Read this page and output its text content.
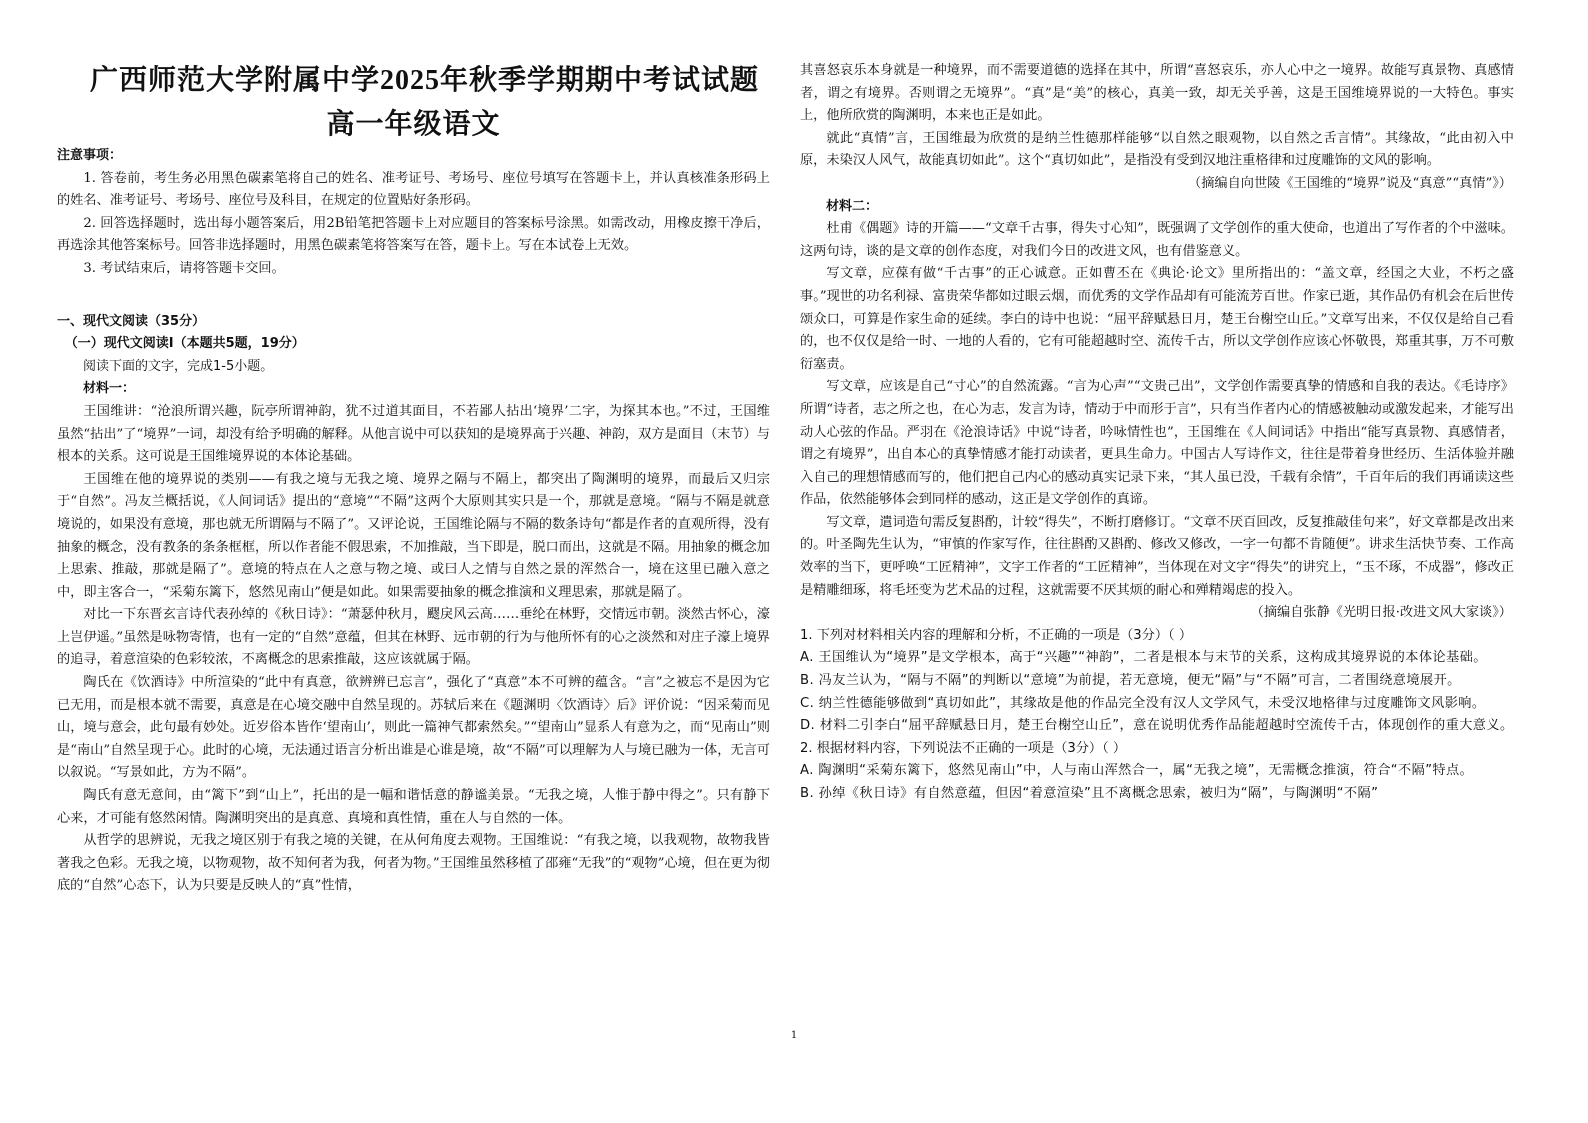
广西师范大学附属中学2025年秋季学期期中考试试题
高一年级语文

注意事项：

1. 答卷前，考生务必用黑色碳素笔将自己的姓名、准考证号、考场号、座位号填写在答题卡上，并认真核准条形码上的姓名、准考证号、考场号、座位号及科目，在规定的位置贴好条形码。

2. 回答选择题时，选出每小题答案后，用2B铅笔把答题卡上对应题目的答案标号涂黑。如需改动，用橡皮擦干净后，再选涂其他答案标号。回答非选择题时，用黑色碳素笔将答案写在答，题卡上。写在本试卷上无效。

3. 考试结束后，请将答题卡交回。

一、现代文阅读（35分）

（一）现代文阅读Ⅰ（本题共5题，19分）

阅读下面的文字，完成1-5小题。

材料一：

王国维讲：“沧浪所谓兴趣，阮亭所谓神韵，犹不过道其面目，不若鄙人拈出‘境界’二字，为探其本也。”不过，王国维虽然“拈出”了“境界”一词，却没有给予明确的解释。从他言说中可以获知的是境界高于兴趣、神韵，双方是面目（末节）与根本的关系。这可说是王国维境界说的本体论基础。

王国维在他的境界说的类别——有我之境与无我之境、境界之隔与不隔上，都突出了陶渊明的境界，而最后又归宗于“自然”。冯友兰概括说，《人间词话》提出的“意境”“不隔”这两个大原则其实只是一个，那就是意境。“隔与不隔是就意境说的，如果没有意境，那也就无所谓隔与不隔了”。又评论说，王国维论隔与不隔的数条诗句“都是作者的直观所得，没有抽象的概念，没有教条的条条框框，所以作者能不假思索，不加推敲，当下即是，脱口而出，这就是不隔。用抽象的概念加上思索、推敲，那就是隔了”。意境的特点在人之意与物之境、或曰人之情与自然之景的浑然合一，境在这里已融入意之中，即主客合一，“采菊东篱下，悠然见南山”便是如此。如果需要抽象的概念推演和义理思索，那就是隔了。

对比一下东晋玄言诗代表孙绰的《秋日诗》：“萧瑟仲秋月，飂戾风云高……垂纶在林野，交情远市朝。淡然古怀心，濠上岂伊遥。”虽然是咏物寄情，也有一定的“自然”意蕴，但其在林野、远市朝的行为与他所怀有的心之淡然和对庄子濠上境界的追寻，着意渲染的色彩较浓，不离概念的思索推敲，这应该就属于隔。

陶氏在《饮酒诗》中所渲染的“此中有真意，欲辨辨已忘言”，强化了“真意”本不可辨的蕴含。“言”之被忘不是因为它已无用，而是根本就不需要，真意是在心境交融中自然呈现的。苏轼后来在《题渊明〈饮酒诗〉后》评价说：“因采菊而见山，境与意会，此句最有妙处。近岁俗本皆作‘望南山’，则此一篇神气都索然矣。”“望南山”显系人有意为之，而“见南山”则是“南山”自然呈现于心。此时的心境，无法通过语言分析出谁是心谁是境，故“不隔”可以理解为人与境已融为一体，无言可以叙说。“写景如此，方为不隔”。

陶氏有意无意间，由“篱下”到“山上”，托出的是一幅和谐恬意的静谧美景。“无我之境，人惟于静中得之”。只有静下心来，才可能有悠然闲情。陶渊明突出的是真意、真境和真性情，重在人与自然的一体。

从哲学的思辨说，无我之境区别于有我之境的关键，在从何角度去观物。王国维说：“有我之境，以我观物，故物我皆著我之色彩。无我之境，以物观物，故不知何者为我，何者为物。”王国维虽然移植了邵雍“无我”的“观物”心境，但在更为彻底的“自然”心态下，认为只要是反映人的“真”性情，

其喜怒哀乐本身就是一种境界，而不需要道德的选择在其中，所谓“喜怒哀乐，亦人心中之一境界。故能写真景物、真感情者，谓之有境界。否则谓之无境界”。“真”是“美”的核心，真美一致，却无关乎善，这是王国维境界说的一大特色。事实上，他所欣赏的陶渊明，本来也正是如此。

就此“真情”言，王国维最为欣赏的是纳兰性德那样能够“以自然之眼观物，以自然之舌言情”。其缘故，“此由初入中原，未染汉人风气，故能真切如此”。这个“真切如此”，是指没有受到汉地注重格律和过度雕饰的文风的影响。

（摘编自向世陵《王国维的“境界”说及“真意”“真情”》）

材料二：

杜甫《偶题》诗的开篇——“文章千古事，得失寸心知”，既强调了文学创作的重大使命，也道出了写作者的个中滋味。这两句诗，谈的是文章的创作态度，对我们今日的改进文风，也有借鉴意义。

写文章，应葆有做“千古事”的正心诚意。正如曹丕在《典论·论文》里所指出的：“盖文章，经国之大业，不朽之盛事。”现世的功名利禄、富贵荣华都如过眼云烟，而优秀的文学作品却有可能流芳百世。作家已逝，其作品仍有机会在后世传颂众口，可算是作家生命的延续。李白的诗中也说：“屈平辞赋悬日月，楚王台榭空山丘。”文章写出来，不仅仅是给自己看的，也不仅仅是给一时、一地的人看的，它有可能超越时空、流传千古，所以文学创作应该心怀敬畏，郑重其事，万不可敷衍塞责。

写文章，应该是自己“寸心”的自然流露。“言为心声”“文贵己出”，文学创作需要真挚的情感和自我的表达。《毛诗序》所谓“诗者，志之所之也，在心为志，发言为诗，情动于中而形于言”，只有当作者内心的情感被触动或激发起来，才能写出动人心弦的作品。严羽在《沧浪诗话》中说“诗者，吟咏情性也”，王国维在《人间词话》中指出“能写真景物、真感情者，谓之有境界”，出自本心的真挚情感才能打动读者，更具生命力。中国古人写诗作文，往往是带着身世经历、生活体验并融入自己的理想情感而写的，他们把自己内心的感动真实记录下来，“其人虽已没，千载有余情”，千百年后的我们再诵读这些作品，依然能够体会到同样的感动，这正是文学创作的真谛。

写文章，遣词造句需反复斟酌，计较“得失”，不断打磨修订。“文章不厌百回改，反复推敲佳句来”，好文章都是改出来的。叶圣陶先生认为，“审慎的作家写作，往往斟酌又斟酌、修改又修改，一字一句都不肯随便”。讲求生活快节奏、工作高效率的当下，更呼唤“工匠精神”，文字工作者的“工匠精神”，当体现在对文字“得失”的讲究上，“玉不琢，不成器”，修改正是精雕细琢，将毛坯变为艺术品的过程，这就需要不厌其烦的耐心和殚精竭虑的投入。

（摘编自张静《光明日报·改进文风大家谈》）

1. 下列对材料相关内容的理解和分析，不正确的一项是（3分）（ ）

A. 王国维认为“境界”是文学根本，高于“兴趣”“神韵”，二者是根本与末节的关系，这构成其境界说的本体论基础。

B. 冯友兰认为，“隔与不隔”的判断以“意境”为前提，若无意境，便无“隔”与“不隔”可言，二者围绕意境展开。

C. 纳兰性德能够做到“真切如此”，其缘故是他的作品完全没有汉人文学风气，未受汉地格律与过度雕饰文风影响。

D. 材料二引李白“屈平辞赋悬日月，楚王台榭空山丘”，意在说明优秀作品能超越时空流传千古，体现创作的重大意义。

2. 根据材料内容，下列说法不正确的一项是（3分）（ ）

A. 陶渊明“采菊东篱下，悠然见南山”中，人与南山浑然合一，属“无我之境”，无需概念推演，符合“不隔”特点。

B. 孙绰《秋日诗》有自然意蕴，但因“着意渲染”且不离概念思索，被归为“隔”，与陶渊明“不隔”

1
